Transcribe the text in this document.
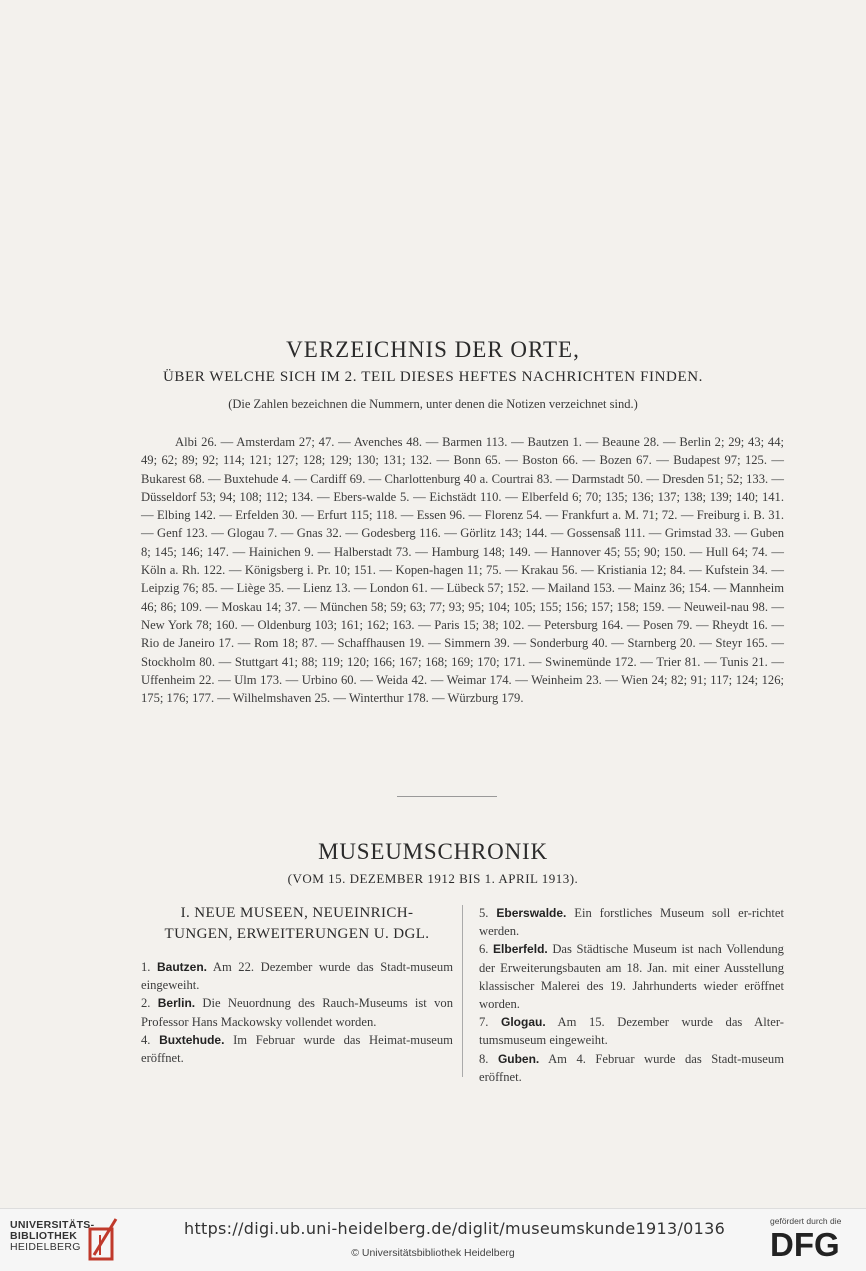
VERZEICHNIS DER ORTE,
ÜBER WELCHE SICH IM 2. TEIL DIESES HEFTES NACHRICHTEN FINDEN.
(Die Zahlen bezeichnen die Nummern, unter denen die Notizen verzeichnet sind.)
Albi 26. — Amsterdam 27; 47. — Avenches 48. — Barmen 113. — Bautzen 1. — Beaune 28. — Berlin 2; 29; 43; 44; 49; 62; 89; 92; 114; 121; 127; 128; 129; 130; 131; 132. — Bonn 65. — Boston 66. — Bozen 67. — Budapest 97; 125. — Bukarest 68. — Buxtehude 4. — Cardiff 69. — Charlottenburg 40 a. Courtrai 83. — Darmstadt 50. — Dresden 51; 52; 133. — Düsseldorf 53; 94; 108; 112; 134. — Ebers-walde 5. — Eichstädt 110. — Elberfeld 6; 70; 135; 136; 137; 138; 139; 140; 141. — Elbing 142. — Erfelden 30. — Erfurt 115; 118. — Essen 96. — Florenz 54. — Frankfurt a. M. 71; 72. — Freiburg i. B. 31. — Genf 123. — Glogau 7. — Gnas 32. — Godesberg 116. — Görlitz 143; 144. — Gossensaß 111. — Grimstad 33. — Guben 8; 145; 146; 147. — Hainichen 9. — Halberstadt 73. — Hamburg 148; 149. — Hannover 45; 55; 90; 150. — Hull 64; 74. — Köln a. Rh. 122. — Königsberg i. Pr. 10; 151. — Kopen-hagen 11; 75. — Krakau 56. — Kristiania 12; 84. — Kufstein 34. — Leipzig 76; 85. — Liège 35. — Lienz 13. — London 61. — Lübeck 57; 152. — Mailand 153. — Mainz 36; 154. — Mannheim 46; 86; 109. — Moskau 14; 37. — München 58; 59; 63; 77; 93; 95; 104; 105; 155; 156; 157; 158; 159. — Neuweil-nau 98. — New York 78; 160. — Oldenburg 103; 161; 162; 163. — Paris 15; 38; 102. — Petersburg 164. — Posen 79. — Rheydt 16. — Rio de Janeiro 17. — Rom 18; 87. — Schaffhausen 19. — Simmern 39. — Sonderburg 40. — Starnberg 20. — Steyr 165. — Stockholm 80. — Stuttgart 41; 88; 119; 120; 166; 167; 168; 169; 170; 171. — Swinemünde 172. — Trier 81. — Tunis 21. — Uffenheim 22. — Ulm 173. — Urbino 60. — Weida 42. — Weimar 174. — Weinheim 23. — Wien 24; 82; 91; 117; 124; 126; 175; 176; 177. — Wilhelmshaven 25. — Winterthur 178. — Würzburg 179.
MUSEUMSCHRONIK
(VOM 15. DEZEMBER 1912 BIS 1. APRIL 1913).
I. NEUE MUSEEN, NEUEINRICH-
TUNGEN, ERWEITERUNGEN U. DGL.

1. Bautzen. Am 22. Dezember wurde das Stadt-museum eingeweiht.

2. Berlin. Die Neuordnung des Rauch-Museums ist von Professor Hans Mackowsky vollendet worden.

4. Buxtehude. Im Februar wurde das Heimat-museum eröffnet.

5. Eberswalde. Ein forstliches Museum soll er-richtet werden.

6. Elberfeld. Das Städtische Museum ist nach Vollendung der Erweiterungsbauten am 18. Jan. mit einer Ausstellung klassischer Malerei des 19. Jahrhunderts wieder eröffnet worden.

7. Glogau. Am 15. Dezember wurde das Alter-tumsmuseum eingeweiht.

8. Guben. Am 4. Februar wurde das Stadt-museum eröffnet.

UNIVERSITÄTS-
BIBLIOTHEK
HEIDELBERG
https://digi.ub.uni-heidelberg.de/diglit/museumskunde1913/0136
© Universitätsbibliothek Heidelberg
gefördert durch die
DFG
